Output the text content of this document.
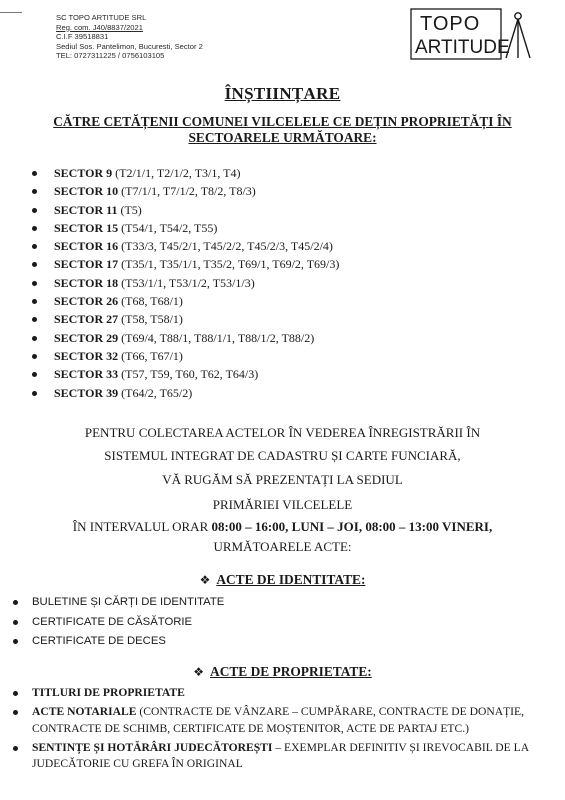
SC TOPO ARTITUDE SRL
Reg. com. J40/8837/2021
C.I.F 39518831
Sediul Sos. Pantelimon, Bucuresti, Sector 2
TEL: 0727311225 / 0756103105
TOPO
ARTITUDE
ÎNȘTIINȚARE
CĂTRE CETĂȚENII COMUNEI VILCELELE CE DEȚIN PROPRIETĂȚI ÎN
SECTOARELE URMĂTOARE:
SECTOR 9 (T2/1/1, T2/1/2, T3/1, T4)
SECTOR 10 (T7/1/1, T7/1/2, T8/2, T8/3)
SECTOR 11 (T5)
SECTOR 15 (T54/1, T54/2, T55)
SECTOR 16 (T33/3, T45/2/1, T45/2/2, T45/2/3, T45/2/4)
SECTOR 17 (T35/1, T35/1/1, T35/2, T69/1, T69/2, T69/3)
SECTOR 18 (T53/1/1, T53/1/2, T53/1/3)
SECTOR 26 (T68, T68/1)
SECTOR 27 (T58, T58/1)
SECTOR 29 (T69/4, T88/1, T88/1/1, T88/1/2, T88/2)
SECTOR 32 (T66, T67/1)
SECTOR 33 (T57, T59, T60, T62, T64/3)
SECTOR 39 (T64/2, T65/2)
PENTRU COLECTAREA ACTELOR ÎN VEDEREA ÎNREGISTRĂRII ÎN
SISTEMUL INTEGRAT DE CADASTRU ȘI CARTE FUNCIARĂ,
VĂ RUGĂM SĂ PREZENTAȚI LA SEDIUL
PRIMĂRIEI VILCELELE
ÎN INTERVALUL ORAR 08:00 – 16:00, LUNI – JOI, 08:00 – 13:00 VINERI,
URMĂTOARELE ACTE:
❖ ACTE DE IDENTITATE:
BULETINE ȘI CĂRȚI DE IDENTITATE
CERTIFICATE DE CĂSĂTORIE
CERTIFICATE DE DECES
❖ ACTE DE PROPRIETATE:
TITLURI DE PROPRIETATE
ACTE NOTARIALE (CONTRACTE DE VÂNZARE – CUMPĂRARE, CONTRACTE DE DONAȚIE, CONTRACTE DE SCHIMB, CERTIFICATE DE MOȘTENITOR, ACTE DE PARTAJ ETC.)
SENTINȚE ȘI HOTĂRÂRI JUDECĂTOREȘTI – EXEMPLAR DEFINITIV ȘI IREVOCABIL DE LA JUDECĂTORIE CU GREFA ÎN ORIGINAL
